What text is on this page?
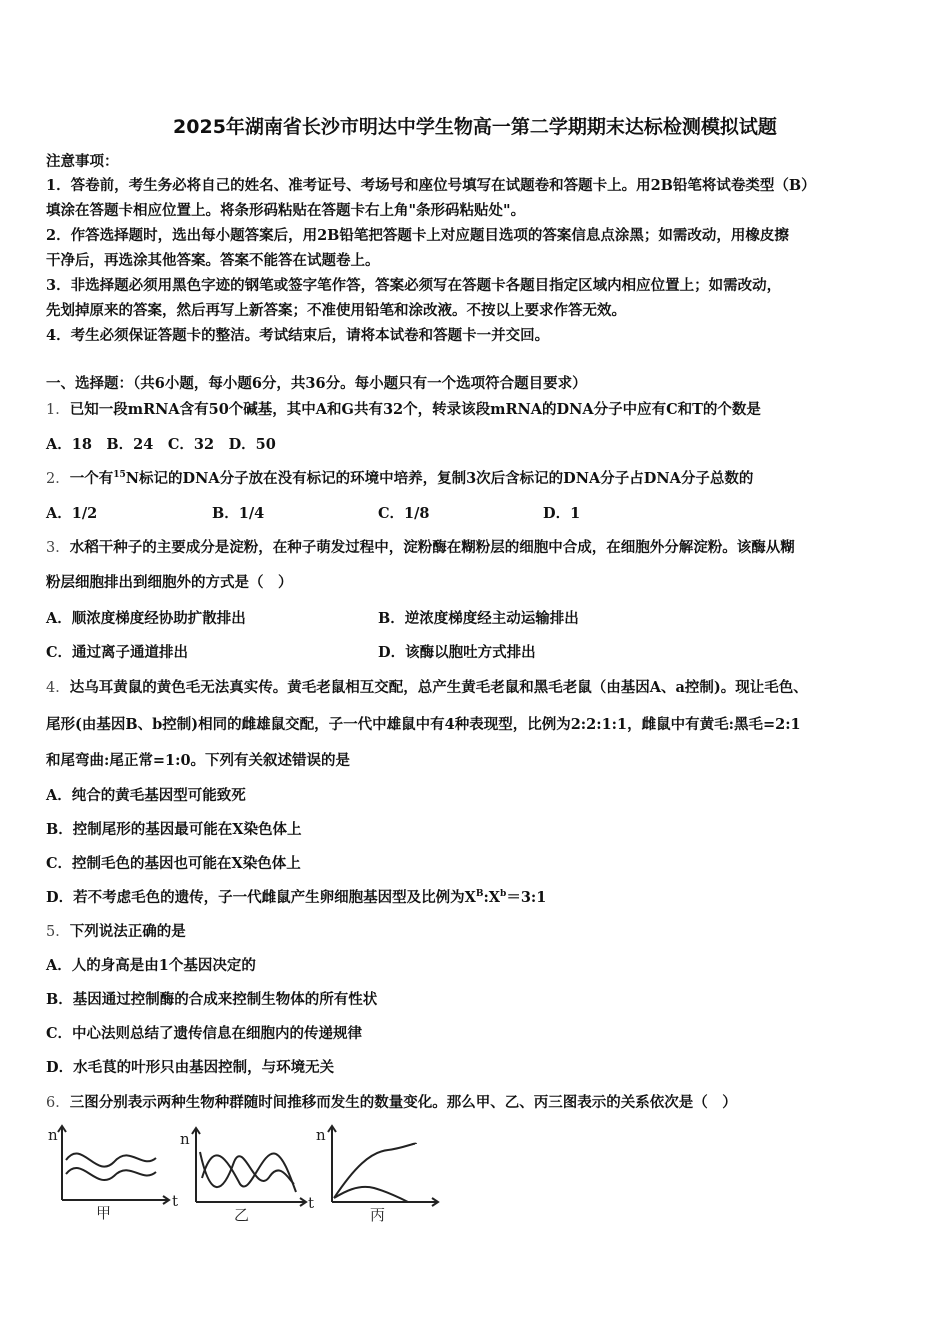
2025年湖南省长沙市明达中学生物高一第二学期期末达标检测模拟试题
注意事项：
1．答卷前，考生务必将自己的姓名、准考证号、考场号和座位号填写在试题卷和答题卡上。用2B铅笔将试卷类型（B）
填涂在答题卡相应位置上。将条形码粘贴在答题卡右上角"条形码粘贴处"。
2．作答选择题时，选出每小题答案后，用2B铅笔把答题卡上对应题目选项的答案信息点涂黑；如需改动，用橡皮擦
干净后，再选涂其他答案。答案不能答在试题卷上。
3．非选择题必须用黑色字迹的钢笔或签字笔作答，答案必须写在答题卡各题目指定区域内相应位置上；如需改动，
先划掉原来的答案，然后再写上新答案；不准使用铅笔和涂改液。不按以上要求作答无效。
4．考生必须保证答题卡的整洁。考试结束后，请将本试卷和答题卡一并交回。
一、选择题：（共6小题，每小题6分，共36分。每小题只有一个选项符合题目要求）
1．已知一段mRNA含有50个碱基，其中A和G共有32个，转录该段mRNA的DNA分子中应有C和T的个数是
A．18　B．24　C．32　D．50
2．一个有$^{15}$N标记的DNA分子放在没有标记的环境中培养，复制3次后含标记的DNA分子占DNA分子总数的
A．1/2	B．1/4	C．1/8	D．1
3．水稻干种子的主要成分是淀粉，在种子萌发过程中，淀粉酶在糊粉层的细胞中合成，在细胞外分解淀粉。该酶从糊
粉层细胞排出到细胞外的方式是（　）
A．顺浓度梯度经协助扩散排出	B．逆浓度梯度经主动运输排出
C．通过离子通道排出	D．该酶以胞吐方式排出
4．达乌耳黄鼠的黄色毛无法真实传。黄毛老鼠相互交配，总产生黄毛老鼠和黑毛老鼠（由基因A、a控制)。现让毛色、
尾形(由基因B、b控制)相同的雌雄鼠交配，子一代中雄鼠中有4种表现型，比例为2:2:1:1，雌鼠中有黄毛:黑毛=2:1
和尾弯曲:尾正常=1:0。下列有关叙述错误的是
A．纯合的黄毛基因型可能致死
B．控制尾形的基因最可能在X染色体上
C．控制毛色的基因也可能在X染色体上
D．若不考虑毛色的遗传，子一代雌鼠产生卵细胞基因型及比例为$X^B:X^b=3:1$
5．下列说法正确的是
A．人的身高是由1个基因决定的
B．基因通过控制酶的合成来控制生物体的所有性状
C．中心法则总结了遗传信息在细胞内的传递规律
D．水毛茛的叶形只由基因控制，与环境无关
6．三图分别表示两种生物种群随时间推移而发生的数量变化。那么甲、乙、丙三图表示的关系依次是（　）
n
t
甲
n
t
乙
n
丙
